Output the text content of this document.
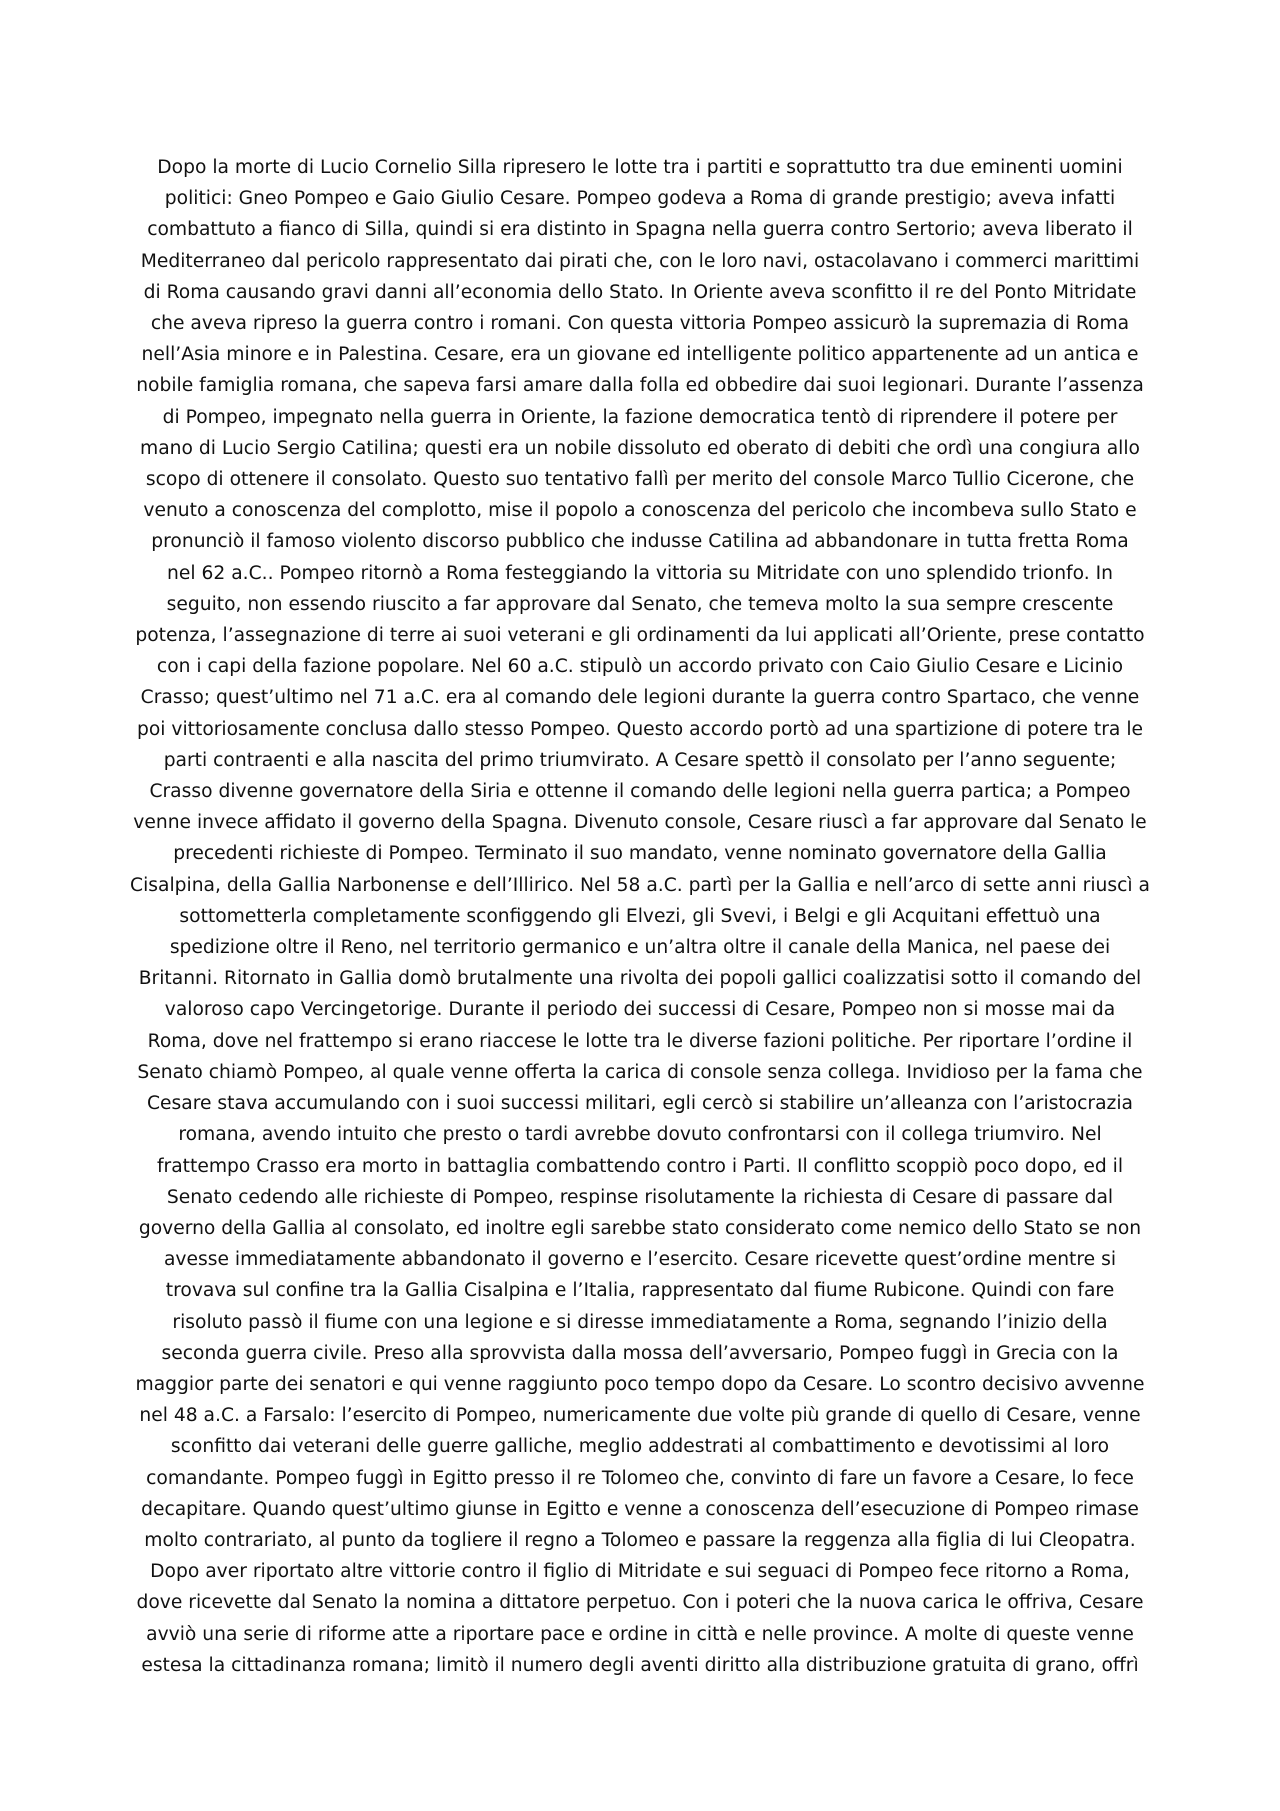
Dopo la morte di Lucio Cornelio Silla ripresero le lotte tra i partiti e soprattutto tra due eminenti uomini
politici: Gneo Pompeo e Gaio Giulio Cesare. Pompeo godeva a Roma di grande prestigio; aveva infatti
combattuto a fianco di Silla, quindi si era distinto in Spagna nella guerra contro Sertorio; aveva liberato il
Mediterraneo dal pericolo rappresentato dai pirati che, con le loro navi, ostacolavano i commerci marittimi
di Roma causando gravi danni all’economia dello Stato. In Oriente aveva sconfitto il re del Ponto Mitridate
che aveva ripreso la guerra contro i romani. Con questa vittoria Pompeo assicurò la supremazia di Roma
nell’Asia minore e in Palestina. Cesare, era un giovane ed intelligente politico appartenente ad un antica e
nobile famiglia romana, che sapeva farsi amare dalla folla ed obbedire dai suoi legionari. Durante l’assenza
di Pompeo, impegnato nella guerra in Oriente, la fazione democratica tentò di riprendere il potere per
mano di Lucio Sergio Catilina; questi era un nobile dissoluto ed oberato di debiti che ordì una congiura allo
scopo di ottenere il consolato. Questo suo tentativo fallì per merito del console Marco Tullio Cicerone, che
venuto a conoscenza del complotto, mise il popolo a conoscenza del pericolo che incombeva sullo Stato e
pronunciò il famoso violento discorso pubblico che indusse Catilina ad abbandonare in tutta fretta Roma
nel 62 a.C.. Pompeo ritornò a Roma festeggiando la vittoria su Mitridate con uno splendido trionfo. In
seguito, non essendo riuscito a far approvare dal Senato, che temeva molto la sua sempre crescente
potenza, l’assegnazione di terre ai suoi veterani e gli ordinamenti da lui applicati all’Oriente, prese contatto
con i capi della fazione popolare. Nel 60 a.C. stipulò un accordo privato con Caio Giulio Cesare e Licinio
Crasso; quest’ultimo nel 71 a.C. era al comando dele legioni durante la guerra contro Spartaco, che venne
poi vittoriosamente conclusa dallo stesso Pompeo. Questo accordo portò ad una spartizione di potere tra le
parti contraenti e alla nascita del primo triumvirato. A Cesare spettò il consolato per l’anno seguente;
Crasso divenne governatore della Siria e ottenne il comando delle legioni nella guerra partica; a Pompeo
venne invece affidato il governo della Spagna. Divenuto console, Cesare riuscì a far approvare dal Senato le
precedenti richieste di Pompeo. Terminato il suo mandato, venne nominato governatore della Gallia
Cisalpina, della Gallia Narbonense e dell’Illirico. Nel 58 a.C. partì per la Gallia e nell’arco di sette anni riuscì a
sottometterla completamente sconfiggendo gli Elvezi, gli Svevi, i Belgi e gli Acquitani effettuò una
spedizione oltre il Reno, nel territorio germanico e un’altra oltre il canale della Manica, nel paese dei
Britanni. Ritornato in Gallia domò brutalmente una rivolta dei popoli gallici coalizzatisi sotto il comando del
valoroso capo Vercingetorige. Durante il periodo dei successi di Cesare, Pompeo non si mosse mai da
Roma, dove nel frattempo si erano riaccese le lotte tra le diverse fazioni politiche. Per riportare l’ordine il
Senato chiamò Pompeo, al quale venne offerta la carica di console senza collega. Invidioso per la fama che
Cesare stava accumulando con i suoi successi militari, egli cercò si stabilire un’alleanza con l’aristocrazia
romana, avendo intuito che presto o tardi avrebbe dovuto confrontarsi con il collega triumviro. Nel
frattempo Crasso era morto in battaglia combattendo contro i Parti. Il conflitto scoppiò poco dopo, ed il
Senato cedendo alle richieste di Pompeo, respinse risolutamente la richiesta di Cesare di passare dal
governo della Gallia al consolato, ed inoltre egli sarebbe stato considerato come nemico dello Stato se non
avesse immediatamente abbandonato il governo e l’esercito. Cesare ricevette quest’ordine mentre si
trovava sul confine tra la Gallia Cisalpina e l’Italia, rappresentato dal fiume Rubicone. Quindi con fare
risoluto passò il fiume con una legione e si diresse immediatamente a Roma, segnando l’inizio della
seconda guerra civile. Preso alla sprovvista dalla mossa dell’avversario, Pompeo fuggì in Grecia con la
maggior parte dei senatori e qui venne raggiunto poco tempo dopo da Cesare. Lo scontro decisivo avvenne
nel 48 a.C. a Farsalo: l’esercito di Pompeo, numericamente due volte più grande di quello di Cesare, venne
sconfitto dai veterani delle guerre galliche, meglio addestrati al combattimento e devotissimi al loro
comandante. Pompeo fuggì in Egitto presso il re Tolomeo che, convinto di fare un favore a Cesare, lo fece
decapitare. Quando quest’ultimo giunse in Egitto e venne a conoscenza dell’esecuzione di Pompeo rimase
molto contrariato, al punto da togliere il regno a Tolomeo e passare la reggenza alla figlia di lui Cleopatra.
Dopo aver riportato altre vittorie contro il figlio di Mitridate e sui seguaci di Pompeo fece ritorno a Roma,
dove ricevette dal Senato la nomina a dittatore perpetuo. Con i poteri che la nuova carica le offriva, Cesare
avviò una serie di riforme atte a riportare pace e ordine in città e nelle province. A molte di queste venne
estesa la cittadinanza romana; limitò il numero degli aventi diritto alla distribuzione gratuita di grano, offrì
